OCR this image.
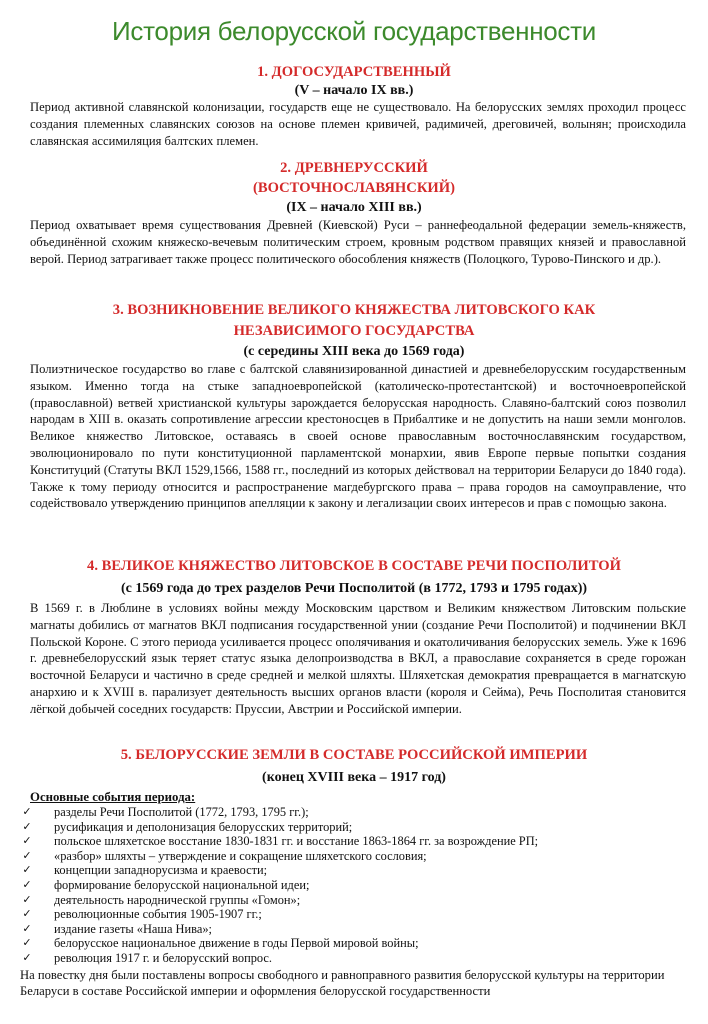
История белорусской государственности
1. ДОГОСУДАРСТВЕННЫЙ
(V – начало IX вв.)

Период активной славянской колонизации, государств еще не существовало. На белорусских землях проходил процесс создания племенных славянских союзов на основе племен кривичей, радимичей, дреговичей, волынян; происходила славянская ассимиляция балтских племен.

2. ДРЕВНЕРУССКИЙ
(ВОСТОЧНОСЛАВЯНСКИЙ)
(IX – начало XIII вв.)

Период охватывает время существования Древней (Киевской) Руси – раннефеодальной федерации земель-княжеств, объединённой схожим княжеско-вечевым политическим строем, кровным родством правящих князей и православной верой. Период затрагивает также процесс политического обособления княжеств (Полоцкого, Турово-Пинского и др.).

3. ВОЗНИКНОВЕНИЕ ВЕЛИКОГО КНЯЖЕСТВА ЛИТОВСКОГО КАК
НЕЗАВИСИМОГО ГОСУДАРСТВА
(с середины XIII века до 1569 года)

Полиэтническое государство во главе с балтской славянизированной династией и древнебелорусским государственным языком. Именно тогда на стыке западноевропейской (католическо-протестантской) и восточноевропейской (православной) ветвей христианской культуры зарождается белорусская народность. Славяно-балтский союз позволил народам в XIII в. оказать сопротивление агрессии крестоносцев в Прибалтике и не допустить на наши земли монголов. Великое княжество Литовское, оставаясь в своей основе православным восточнославянским государством, эволюционировало по пути конституционной парламентской монархии, явив Европе первые попытки создания Конституций (Статуты ВКЛ 1529,1566, 1588 гг., последний из которых действовал на территории Беларуси до 1840 года). Также к тому периоду относится и распространение магдебургского права – права городов на самоуправление, что содействовало утверждению принципов апелляции к закону и легализации своих интересов и прав с помощью закона.

4. ВЕЛИКОЕ КНЯЖЕСТВО ЛИТОВСКОЕ В СОСТАВЕ РЕЧИ ПОСПОЛИТОЙ
(с 1569 года до трех разделов Речи Посполитой (в 1772, 1793 и 1795 годах))

В 1569 г. в Люблине в условиях войны между Московским царством и Великим княжеством Литовским польские магнаты добились от магнатов ВКЛ подписания государственной унии (создание Речи Посполитой) и подчинении ВКЛ Польской Короне. С этого периода усиливается процесс ополячивания и окатоличивания белорусских земель. Уже к 1696 г. древнебелорусский язык теряет статус языка делопроизводства в ВКЛ, а православие сохраняется в среде горожан восточной Беларуси и частично в среде средней и мелкой шляхты. Шляхетская демократия превращается в магнатскую анархию и к XVIII в. парализует деятельность высших органов власти (короля и Сейма), Речь Посполитая становится лёгкой добычей соседних государств: Пруссии, Австрии и Российской империи.

5. БЕЛОРУССКИЕ ЗЕМЛИ В СОСТАВЕ РОССИЙСКОЙ ИМПЕРИИ
(конец XVIII века – 1917 год)
Основные события периода:
✓ разделы Речи Посполитой (1772, 1793, 1795 гг.);
✓ русификация и деполонизация белорусских территорий;
✓ польское шляхетское восстание 1830-1831 гг. и восстание 1863-1864 гг. за возрождение РП;
✓ «разбор» шляхты – утверждение и сокращение шляхетского сословия;
✓ концепции западнорусизма и краевости;
✓ формирование белорусской национальной идеи;
✓ деятельность народнической группы «Гомон»;
✓ революционные события 1905-1907 гг.;
✓ издание газеты «Наша Нива»;
✓ белорусское национальное движение в годы Первой мировой войны;
✓ революция 1917 г. и белорусский вопрос.

На повестку дня были поставлены вопросы свободного и равноправного развития белорусской культуры на территории Беларуси в составе Российской империи и оформления белорусской государственности
